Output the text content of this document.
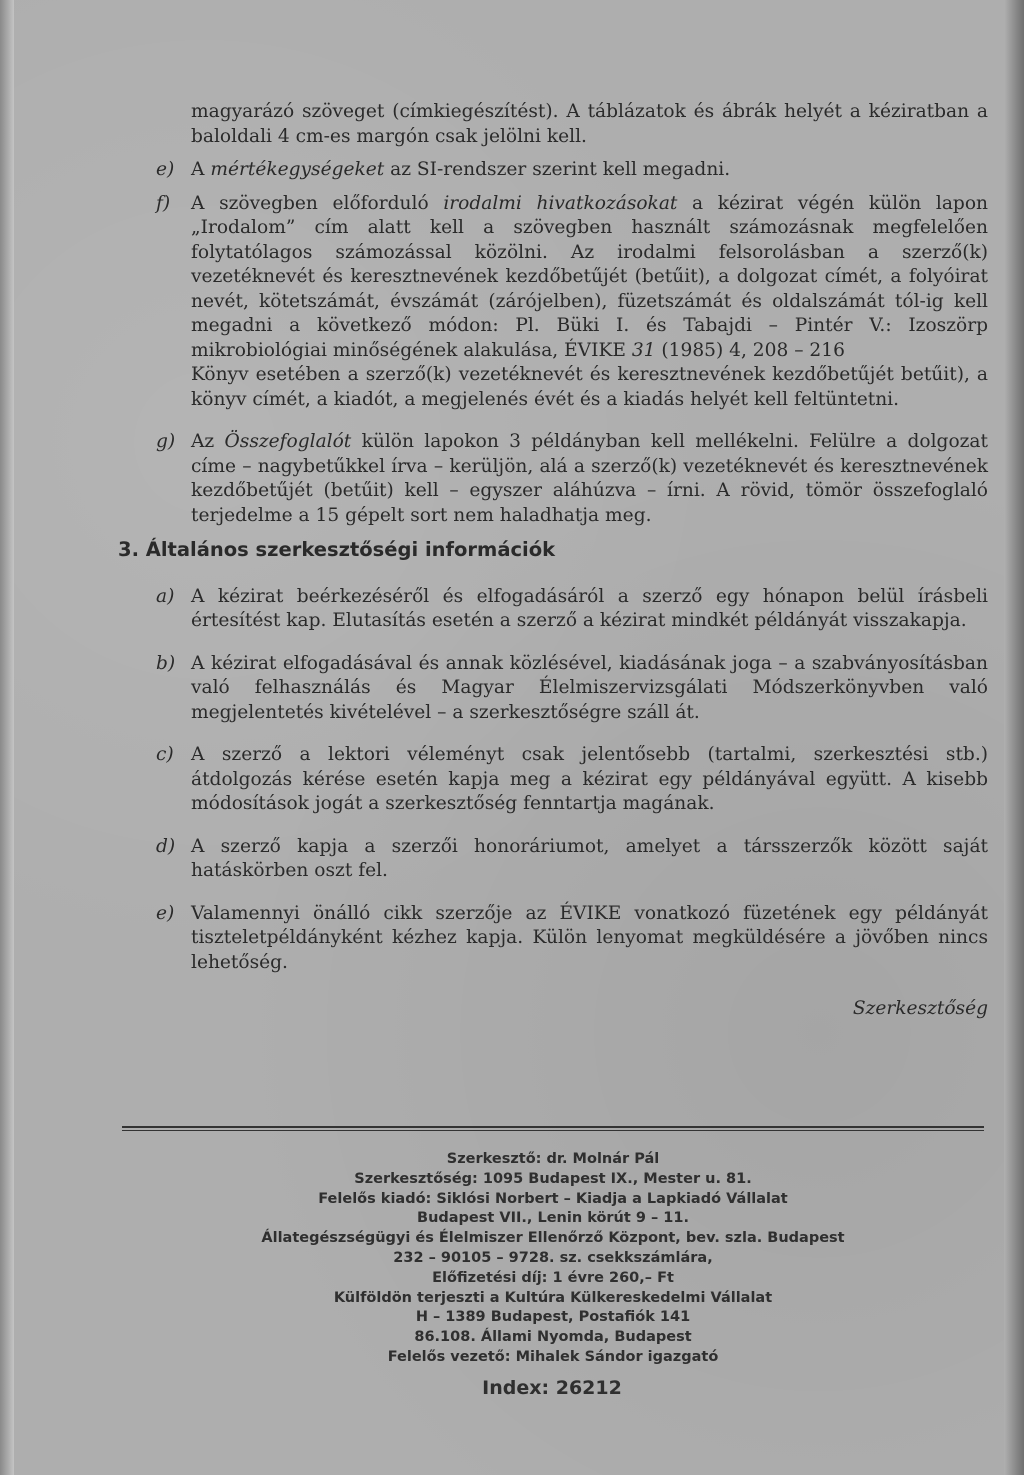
magyarázó szöveget (címkiegészítést). A táblázatok és ábrák helyét a kéziratban a baloldali 4 cm-es margón csak jelölni kell.
e) A mértékegységeket az SI-rendszer szerint kell megadni.
f)	A szövegben előforduló irodalmi hivatkozásokat a kézirat végén külön lapon „Irodalom” cím alatt kell a szövegben használt számozásnak megfelelően folytatólagos számozással közölni. Az irodalmi felsorolásban a szerző(k) vezetéknevét és keresztnevének kezdőbetűjét (betűit), a dolgozat címét, a folyóirat nevét, kötetszámát, évszámát (zárójelben), füzetszámát és oldalszámát tól-ig kell megadni a következő módon: Pl. Büki I. és Tabajdi – Pintér V.: Izoszörp mikrobiológiai minőségének alakulása, ÉVIKE 31 (1985) 4, 208 – 216
Könyv esetében a szerző(k) vezetéknevét és keresztnevének kezdőbetűjét betűit), a könyv címét, a kiadót, a megjelenés évét és a kiadás helyét kell feltüntetni.
g) Az Összefoglalót külön lapokon 3 példányban kell mellékelni. Felülre a dolgozat címe – nagybetűkkel írva – kerüljön, alá a szerző(k) vezetéknevét és keresztnevének kezdőbetűjét (betűit) kell – egyszer aláhúzva – írni. A rövid, tömör összefoglaló terjedelme a 15 gépelt sort nem haladhatja meg.
3. Általános szerkesztőségi információk
a) A kézirat beérkezéséről és elfogadásáról a szerző egy hónapon belül írásbeli értesítést kap. Elutasítás esetén a szerző a kézirat mindkét példányát visszakapja.
b) A kézirat elfogadásával és annak közlésével, kiadásának joga – a szabványosításban való felhasználás és Magyar Élelmiszervizsgálati Módszerkönyvben való megjelentetés kivételével – a szerkesztőségre száll át.
c) A szerző a lektori véleményt csak jelentősebb (tartalmi, szerkesztési stb.) átdolgozás kérése esetén kapja meg a kézirat egy példányával együtt. A kisebb módosítások jogát a szerkesztőség fenntartja magának.
d) A szerző kapja a szerzői honoráriumot, amelyet a társszerzők között saját hatáskörben oszt fel.
e) Valamennyi önálló cikk szerzője az ÉVIKE vonatkozó füzetének egy példányát tiszteletpéldányként kézhez kapja. Külön lenyomat megküldésére a jövőben nincs lehetőség.
Szerkesztőség
Szerkesztő: dr. Molnár Pál
Szerkesztőség: 1095 Budapest IX., Mester u. 81.
Felelős kiadó: Siklósi Norbert – Kiadja a Lapkiadó Vállalat
Budapest VII., Lenin körút 9 – 11.
Állategészségügyi és Élelmiszer Ellenőrző Központ, bev. szla. Budapest
232 – 90105 – 9728. sz. csekkszámlára,
Előfizetési díj: 1 évre 260,– Ft
Külföldön terjeszti a Kultúra Külkereskedelmi Vállalat
H – 1389 Budapest, Postafiók 141
86.108. Állami Nyomda, Budapest
Felelős vezető: Mihalek Sándor igazgató
Index: 26212
